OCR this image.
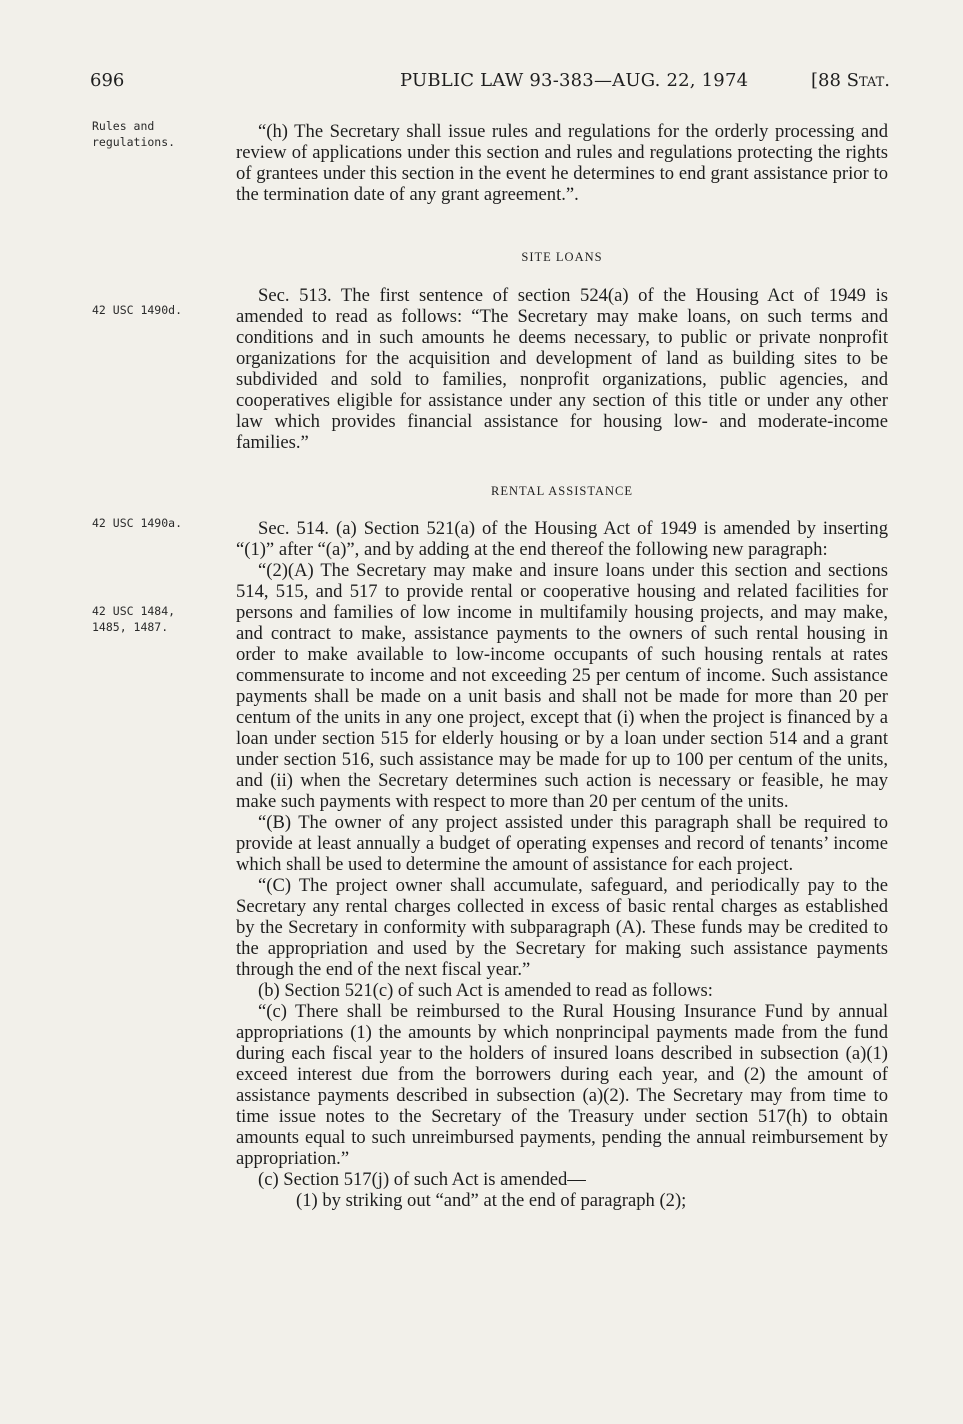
696	PUBLIC LAW 93-383—AUG. 22, 1974	[88 Stat.
Rules and regulations.
42 USC 1490d.
42 USC 1490a.
42 USC 1484, 1485, 1487.

“(h) The Secretary shall issue rules and regulations for the orderly processing and review of applications under this section and rules and regulations protecting the rights of grantees under this section in the event he determines to end grant assistance prior to the termination date of any grant agreement.”.

SITE LOANS

Sec. 513. The first sentence of section 524(a) of the Housing Act of 1949 is amended to read as follows: “The Secretary may make loans, on such terms and conditions and in such amounts he deems necessary, to public or private nonprofit organizations for the acquisition and development of land as building sites to be subdivided and sold to families, nonprofit organizations, public agencies, and cooperatives eligible for assistance under any section of this title or under any other law which provides financial assistance for housing low- and moderate-income families.”

RENTAL ASSISTANCE

Sec. 514. (a) Section 521(a) of the Housing Act of 1949 is amended by inserting “(1)” after “(a)”, and by adding at the end thereof the following new paragraph:

“(2)(A) The Secretary may make and insure loans under this section and sections 514, 515, and 517 to provide rental or cooperative housing and related facilities for persons and families of low income in multifamily housing projects, and may make, and contract to make, assistance payments to the owners of such rental housing in order to make available to low-income occupants of such housing rentals at rates commensurate to income and not exceeding 25 per centum of income. Such assistance payments shall be made on a unit basis and shall not be made for more than 20 per centum of the units in any one project, except that (i) when the project is financed by a loan under section 515 for elderly housing or by a loan under section 514 and a grant under section 516, such assistance may be made for up to 100 per centum of the units, and (ii) when the Secretary determines such action is necessary or feasible, he may make such payments with respect to more than 20 per centum of the units.

“(B) The owner of any project assisted under this paragraph shall be required to provide at least annually a budget of operating expenses and record of tenants’ income which shall be used to determine the amount of assistance for each project.

“(C) The project owner shall accumulate, safeguard, and periodically pay to the Secretary any rental charges collected in excess of basic rental charges as established by the Secretary in conformity with subparagraph (A). These funds may be credited to the appropriation and used by the Secretary for making such assistance payments through the end of the next fiscal year.”

(b) Section 521(c) of such Act is amended to read as follows:

“(c) There shall be reimbursed to the Rural Housing Insurance Fund by annual appropriations (1) the amounts by which nonprincipal payments made from the fund during each fiscal year to the holders of insured loans described in subsection (a)(1) exceed interest due from the borrowers during each year, and (2) the amount of assistance payments described in subsection (a)(2). The Secretary may from time to time issue notes to the Secretary of the Treasury under section 517(h) to obtain amounts equal to such unreimbursed payments, pending the annual reimbursement by appropriation.”

(c) Section 517(j) of such Act is amended—

(1) by striking out “and” at the end of paragraph (2);
